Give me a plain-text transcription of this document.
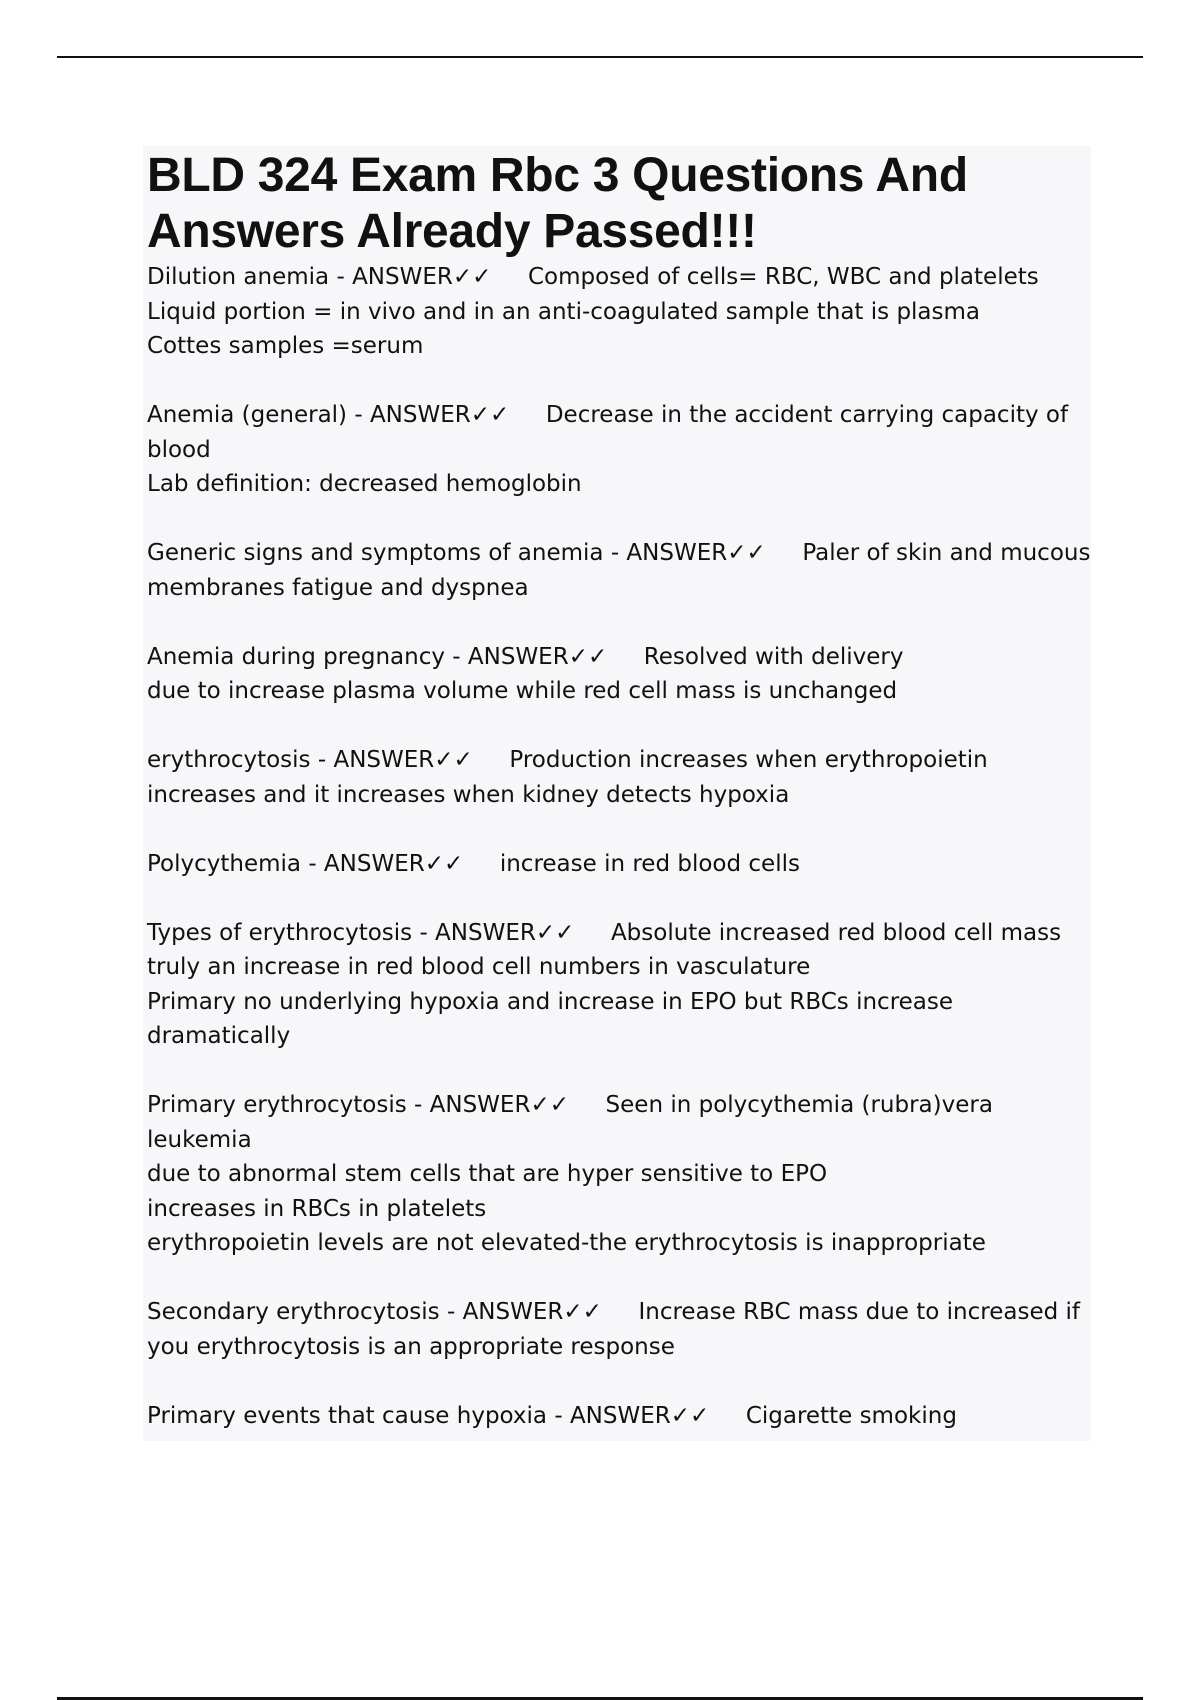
BLD 324 Exam Rbc 3 Questions And Answers Already Passed!!!

Dilution anemia - ANSWER✓✓     Composed of cells= RBC, WBC and platelets
Liquid portion = in vivo and in an anti-coagulated sample that is plasma
Cottes samples =serum

Anemia (general) - ANSWER✓✓     Decrease in the accident carrying capacity of blood
Lab definition: decreased hemoglobin

Generic signs and symptoms of anemia - ANSWER✓✓     Paler of skin and mucous membranes fatigue and dyspnea

Anemia during pregnancy - ANSWER✓✓     Resolved with delivery
due to increase plasma volume while red cell mass is unchanged

erythrocytosis - ANSWER✓✓     Production increases when erythropoietin increases and it increases when kidney detects hypoxia

Polycythemia - ANSWER✓✓     increase in red blood cells

Types of erythrocytosis - ANSWER✓✓     Absolute increased red blood cell mass
truly an increase in red blood cell numbers in vasculature
Primary no underlying hypoxia and increase in EPO but RBCs increase dramatically

Primary erythrocytosis - ANSWER✓✓     Seen in polycythemia (rubra)vera leukemia
due to abnormal stem cells that are hyper sensitive to EPO
increases in RBCs in platelets
erythropoietin levels are not elevated-the erythrocytosis is inappropriate

Secondary erythrocytosis - ANSWER✓✓     Increase RBC mass due to increased if you erythrocytosis is an appropriate response

Primary events that cause hypoxia - ANSWER✓✓     Cigarette smoking
